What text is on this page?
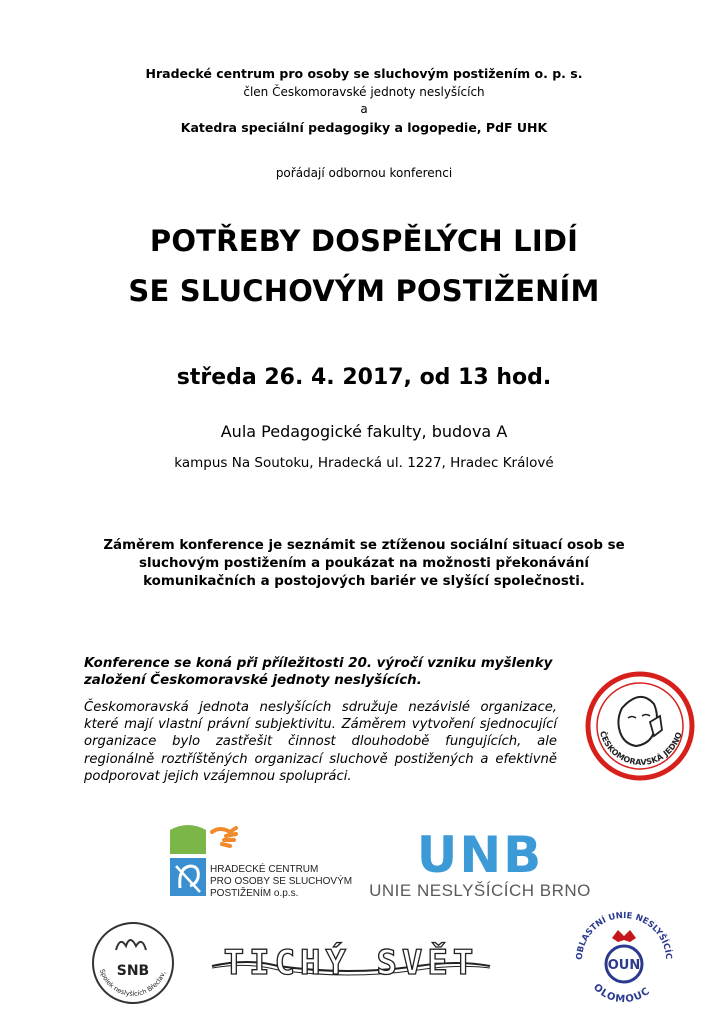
Hradecké centrum pro osoby se sluchovým postižením o. p. s.
člen Českomoravské jednoty neslyšících
a
Katedra speciální pedagogiky a logopedie, PdF UHK
pořádají odbornou konferenci
POTŘEBY DOSPĚLÝCH LIDÍ
SE SLUCHOVÝM POSTIŽENÍM
středa 26. 4. 2017, od 13 hod.
Aula Pedagogické fakulty, budova A
kampus Na Soutoku, Hradecká ul. 1227, Hradec Králové
Záměrem konference je seznámit se ztíženou sociální situací osob se sluchovým postižením a poukázat na možnosti překonávání komunikačních a postojových bariér ve slyšící společnosti.
Konference se koná při příležitosti 20. výročí vzniku myšlenky založení Českomoravské jednoty neslyšících.
Českomoravská jednota neslyšících sdružuje nezávislé organizace, které mají vlastní právní subjektivitu. Záměrem vytvoření sjednocující organizace bylo zastřešit činnost dlouhodobě fungujících, ale regionálně roztříštěných organizací sluchově postižených a efektivně podporovat jejich vzájemnou spolupráci.
ČESKOMORAVSKÁ JEDNO
HRADECKÉ CENTRUM
PRO OSOBY SE SLUCHOVÝM
POSTIŽENÍM o.p.s.
UNB
UNIE NESLYŠÍCÍCH BRNO
SNB
Spolek neslyšících Břeclav, TICHÝ SVĚT	OBLASTNÍ UNIE NESLYŠÍCÍC
OUN
OLOMOUC
